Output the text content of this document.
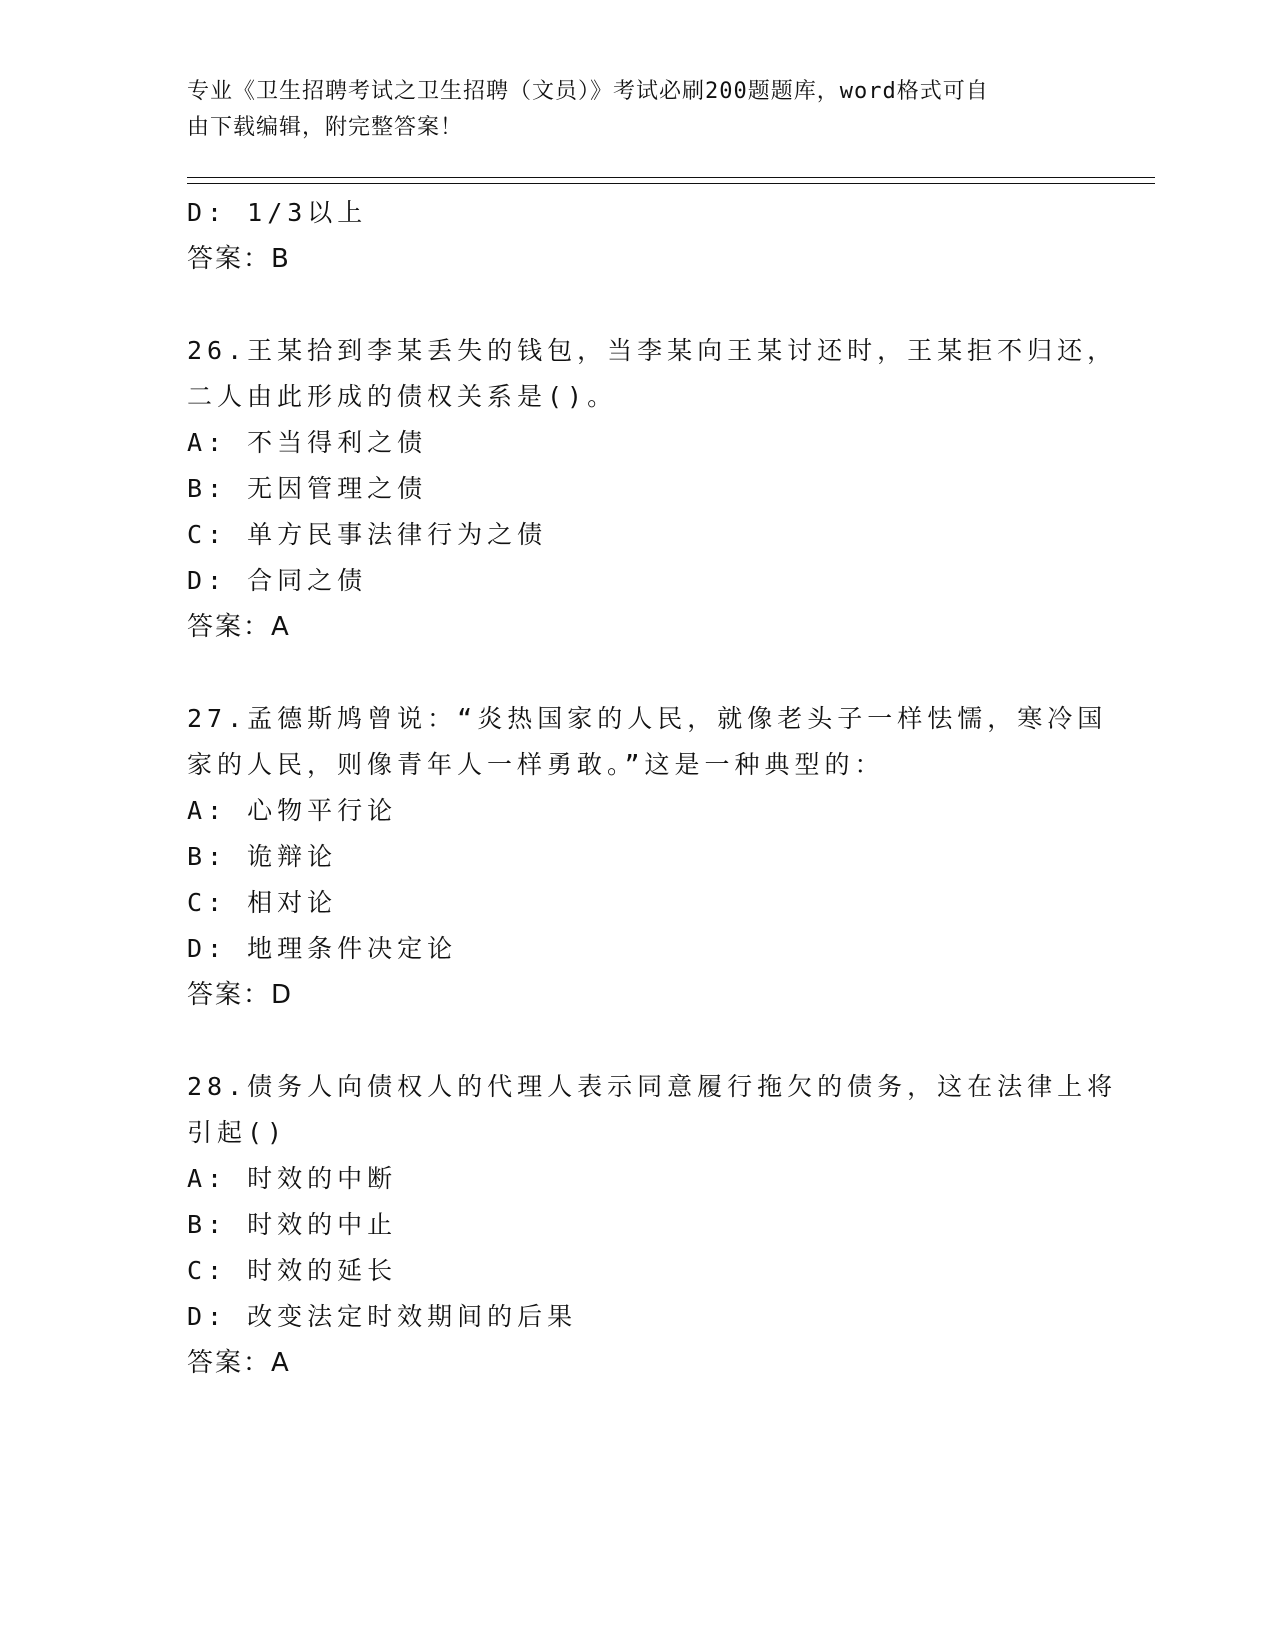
专业《卫生招聘考试之卫生招聘（文员）》考试必刷200题题库，word格式可自
由下载编辑，附完整答案！
D: 1/3以上
答案：B
26.王某拾到李某丢失的钱包，当李某向王某讨还时，王某拒不归还，
二人由此形成的债权关系是()。
A: 不当得利之债
B: 无因管理之债
C: 单方民事法律行为之债
D: 合同之债
答案：A
27.孟德斯鸠曾说：“炎热国家的人民，就像老头子一样怯懦，寒冷国
家的人民，则像青年人一样勇敢。”这是一种典型的：
A: 心物平行论
B: 诡辩论
C: 相对论
D: 地理条件决定论
答案：D
28.债务人向债权人的代理人表示同意履行拖欠的债务，这在法律上将
引起()
A: 时效的中断
B: 时效的中止
C: 时效的延长
D: 改变法定时效期间的后果
答案：A
